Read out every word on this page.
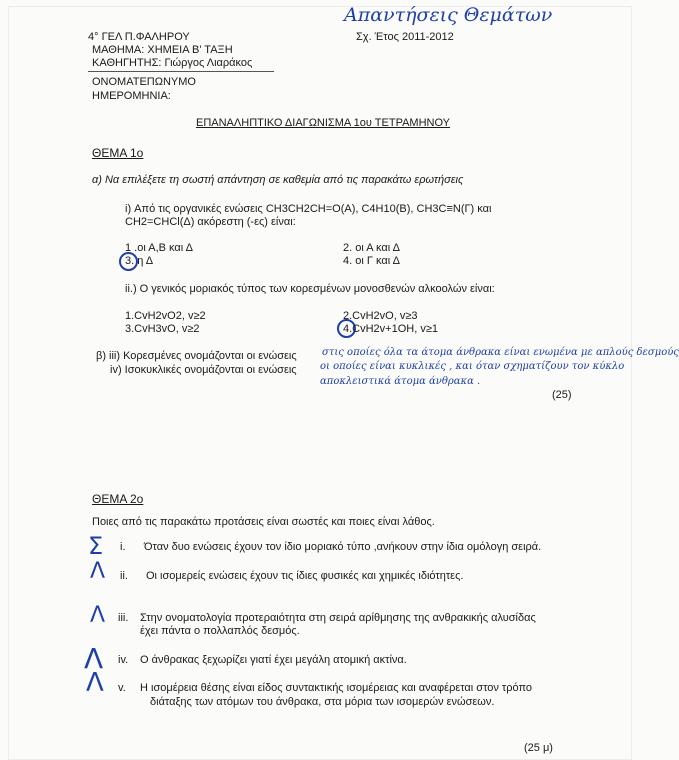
Απαντήσεις Θεμάτων
4° ΓΕΛ Π.ΦΑΛΗΡΟΥ	Σχ. Έτος 2011-2012
ΜΑΘΗΜΑ: ΧΗΜΕΙΑ Β' ΤΑΞΗ
ΚΑΘΗΓΗΤΗΣ: Γιώργος Λιαράκος
ΟΝΟΜΑΤΕΠΩΝΥΜΟ
ΗΜΕΡΟΜΗΝΙΑ:
ΕΠΑΝΑΛΗΠΤΙΚΟ ΔΙΑΓΩΝΙΣΜΑ 1ου ΤΕΤΡΑΜΗΝΟΥ
ΘΕΜΑ 1ο
α) Να επιλέξετε τη σωστή απάντηση σε καθεμία από τις παρακάτω ερωτήσεις
i) Από τις οργανικές ενώσεις CH3CH2CH=O(A), C4H10(B), CH3C≡N(Γ) και
CH2=CHCl(Δ) ακόρεστη (-ες) είναι:
1 .οι Α,Β και Δ	2. οι Α και Δ
3. η Δ	4. οι Γ και Δ
ii.) Ο γενικός μοριακός τύπος των κορεσμένων μονοσθενών αλκοολών είναι:
1.CvH2vO2, v≥2	2.CvH2vO, v≥3
3.CvH3vO, v≥2	4.CvH2v+1OH, v≥1
β) iii) Κορεσμένες ονομάζονται οι ενώσεις	στις οποίες όλα τα άτομα άνθρακα είναι ενωμένα με απλούς δεσμούς
iv) Ισοκυκλικές ονομάζονται οι ενώσεις οι οποίες είναι κυκλικές , και όταν σχηματίζουν τον κύκλο
αποκλειστικά άτομα άνθρακα .
(25)
ΘΕΜΑ 2ο
Ποιες από τις παρακάτω προτάσεις είναι σωστές και ποιες είναι λάθος.
Σ i. Όταν δυο ενώσεις έχουν τον ίδιο μοριακό τύπο ,ανήκουν στην ίδια ομόλογη σειρά.
Λ ii. Οι ισομερείς ενώσεις έχουν τις ίδιες φυσικές και χημικές ιδιότητες.
Λ iii. Στην ονοματολογία προτεραιότητα στη σειρά αρίθμησης της ανθρακικής αλυσίδας
έχει πάντα ο πολλαπλός δεσμός.
Λ iv. Ο άνθρακας ξεχωρίζει γιατί έχει μεγάλη ατομική ακτίνα.
Λ v. Η ισομέρεια θέσης είναι είδος συντακτικής ισομέρειας και αναφέρεται στον τρόπο
διάταξης των ατόμων του άνθρακα, στα μόρια των ισομερών ενώσεων.
(25 μ)
